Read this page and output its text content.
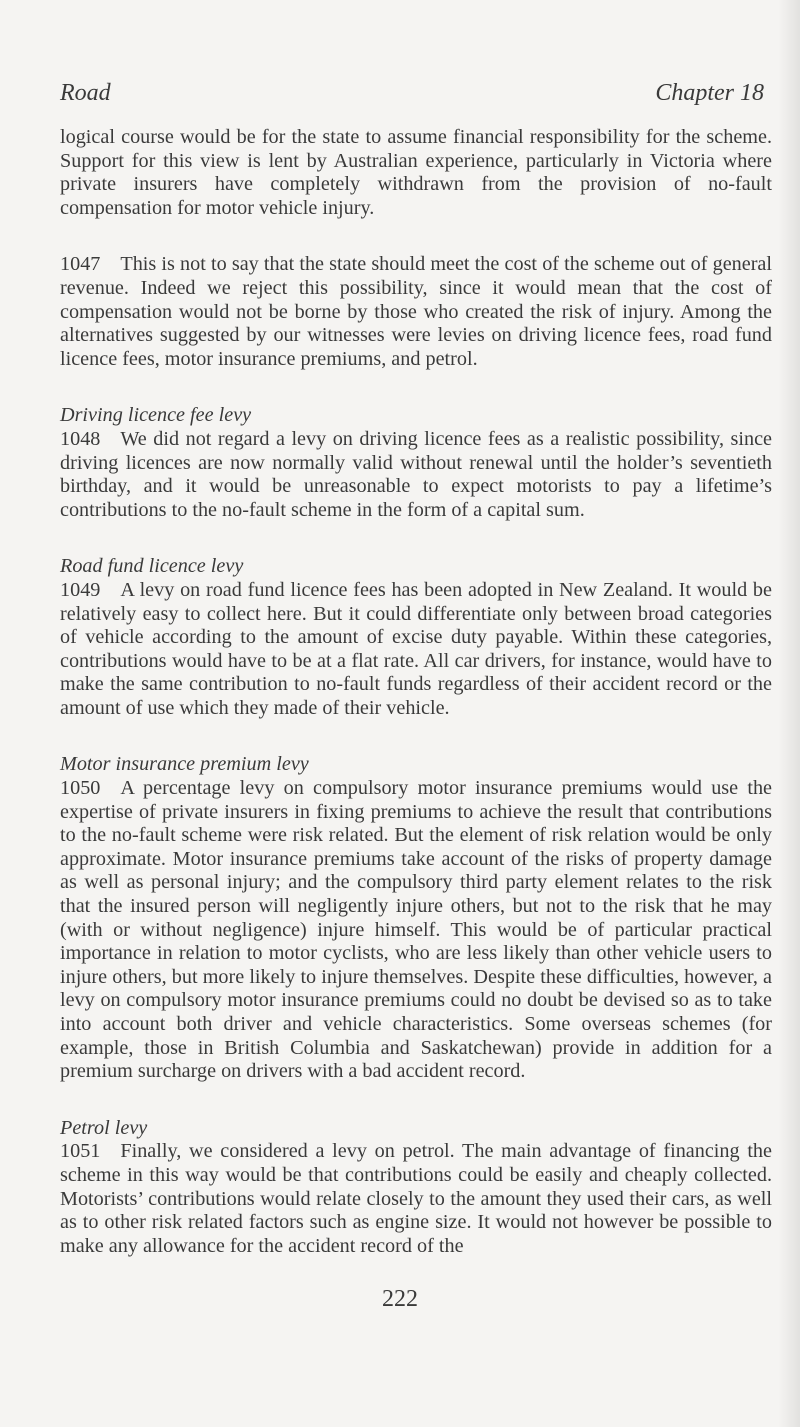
Road	Chapter 18

logical course would be for the state to assume financial responsibility for the scheme. Support for this view is lent by Australian experience, particularly in Victoria where private insurers have completely withdrawn from the provision of no-fault compensation for motor vehicle injury.

1047 This is not to say that the state should meet the cost of the scheme out of general revenue. Indeed we reject this possibility, since it would mean that the cost of compensation would not be borne by those who created the risk of injury. Among the alternatives suggested by our witnesses were levies on driving licence fees, road fund licence fees, motor insurance premiums, and petrol.

Driving licence fee levy

1048 We did not regard a levy on driving licence fees as a realistic possibility, since driving licences are now normally valid without renewal until the holder’s seventieth birthday, and it would be unreasonable to expect motorists to pay a lifetime’s contributions to the no-fault scheme in the form of a capital sum.

Road fund licence levy

1049 A levy on road fund licence fees has been adopted in New Zealand. It would be relatively easy to collect here. But it could differentiate only between broad categories of vehicle according to the amount of excise duty payable. Within these categories, contributions would have to be at a flat rate. All car drivers, for instance, would have to make the same contribution to no-fault funds regardless of their accident record or the amount of use which they made of their vehicle.

Motor insurance premium levy

1050 A percentage levy on compulsory motor insurance premiums would use the expertise of private insurers in fixing premiums to achieve the result that contributions to the no-fault scheme were risk related. But the element of risk relation would be only approximate. Motor insurance premiums take account of the risks of property damage as well as personal injury; and the compulsory third party element relates to the risk that the insured person will negligently injure others, but not to the risk that he may (with or without negligence) injure himself. This would be of particular practical importance in relation to motor cyclists, who are less likely than other vehicle users to injure others, but more likely to injure themselves. Despite these difficulties, however, a levy on compulsory motor insurance premiums could no doubt be devised so as to take into account both driver and vehicle characteristics. Some overseas schemes (for example, those in British Columbia and Saskatchewan) provide in addition for a premium surcharge on drivers with a bad accident record.

Petrol levy

1051 Finally, we considered a levy on petrol. The main advantage of financing the scheme in this way would be that contributions could be easily and cheaply collected. Motorists’ contributions would relate closely to the amount they used their cars, as well as to other risk related factors such as engine size. It would not however be possible to make any allowance for the accident record of the

222
